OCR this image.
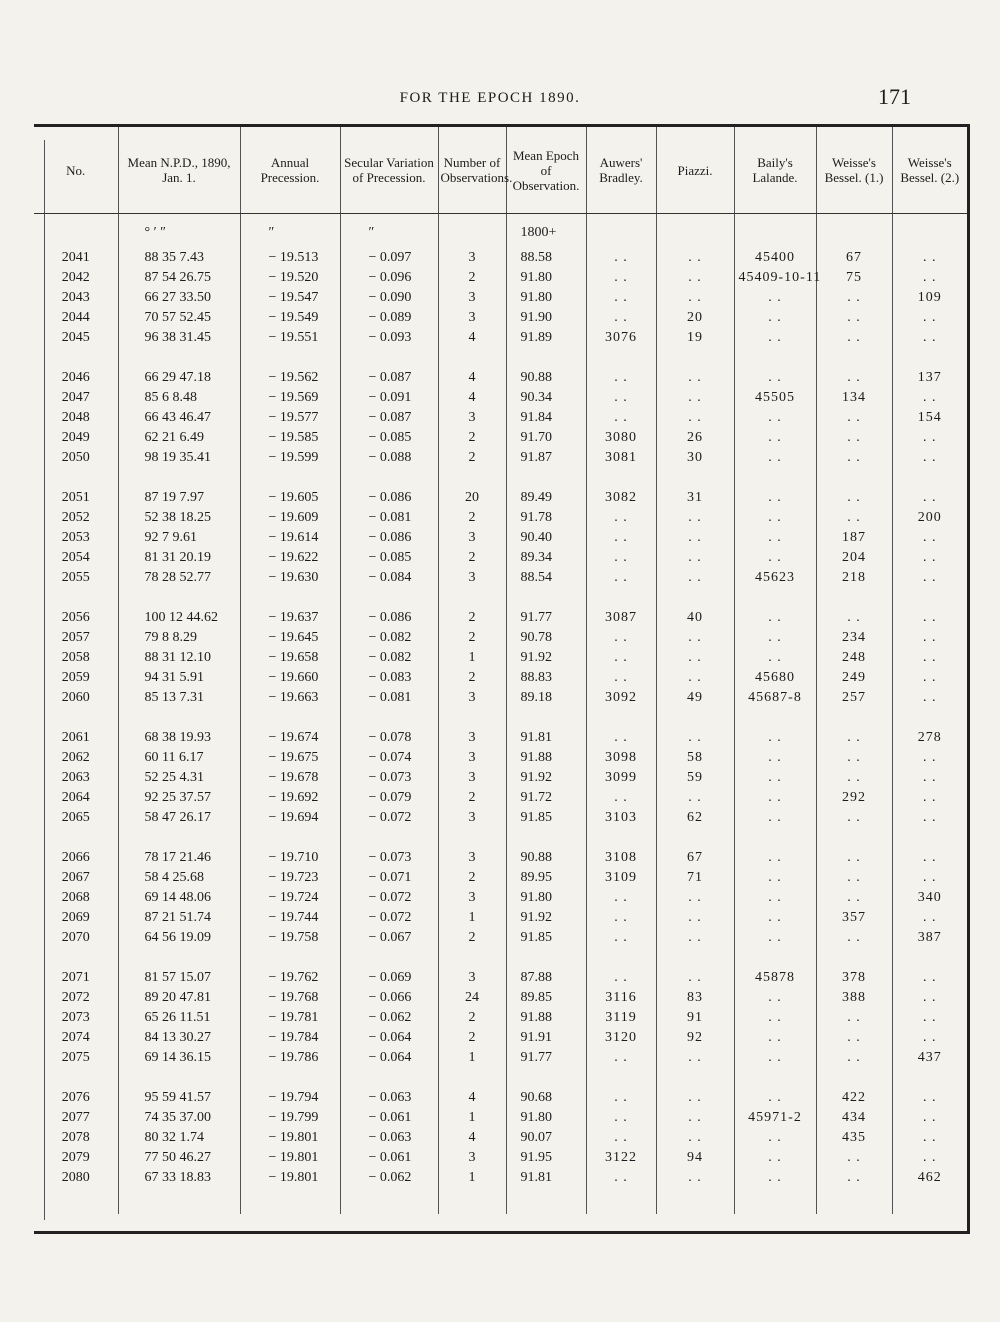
FOR THE EPOCH 1890.	171
No.	Mean N.P.D., 1890, Jan. 1.	Annual Precession.	Secular Variation of Precession.	Number of Observations.	Mean Epoch of Observation.	Auwers' Bradley.	Piazzi.	Baily's Lalande.	Weisse's Bessel. (1.)	Weisse's Bessel. (2.)
	° ′ ″	″	″		1800+					
2041	88 35 7.43	− 19.513	− 0.097	3	88.58	. .	. .	45400	67	. .
2042	87 54 26.75	− 19.520	− 0.096	2	91.80	. .	. .	45409-10-11	75	. .
2043	66 27 33.50	− 19.547	− 0.090	3	91.80	. .	. .	. .	. .	109
2044	70 57 52.45	− 19.549	− 0.089	3	91.90	. .	20	. .	. .	. .
2045	96 38 31.45	− 19.551	− 0.093	4	91.89	3076	19	. .	. .	. .

2046	66 29 47.18	− 19.562	− 0.087	4	90.88	. .	. .	. .	. .	137
2047	85 6 8.48	− 19.569	− 0.091	4	90.34	. .	. .	45505	134	. .
2048	66 43 46.47	− 19.577	− 0.087	3	91.84	. .	. .	. .	. .	154
2049	62 21 6.49	− 19.585	− 0.085	2	91.70	3080	26	. .	. .	. .
2050	98 19 35.41	− 19.599	− 0.088	2	91.87	3081	30	. .	. .	. .

2051	87 19 7.97	− 19.605	− 0.086	20	89.49	3082	31	. .	. .	. .
2052	52 38 18.25	− 19.609	− 0.081	2	91.78	. .	. .	. .	. .	200
2053	92 7 9.61	− 19.614	− 0.086	3	90.40	. .	. .	. .	187	. .
2054	81 31 20.19	− 19.622	− 0.085	2	89.34	. .	. .	. .	204	. .
2055	78 28 52.77	− 19.630	− 0.084	3	88.54	. .	. .	45623	218	. .

2056	100 12 44.62	− 19.637	− 0.086	2	91.77	3087	40	. .	. .	. .
2057	79 8 8.29	− 19.645	− 0.082	2	90.78	. .	. .	. .	234	. .
2058	88 31 12.10	− 19.658	− 0.082	1	91.92	. .	. .	. .	248	. .
2059	94 31 5.91	− 19.660	− 0.083	2	88.83	. .	. .	45680	249	. .
2060	85 13 7.31	− 19.663	− 0.081	3	89.18	3092	49	45687-8	257	. .

2061	68 38 19.93	− 19.674	− 0.078	3	91.81	. .	. .	. .	. .	278
2062	60 11 6.17	− 19.675	− 0.074	3	91.88	3098	58	. .	. .	. .
2063	52 25 4.31	− 19.678	− 0.073	3	91.92	3099	59	. .	. .	. .
2064	92 25 37.57	− 19.692	− 0.079	2	91.72	. .	. .	. .	292	. .
2065	58 47 26.17	− 19.694	− 0.072	3	91.85	3103	62	. .	. .	. .

2066	78 17 21.46	− 19.710	− 0.073	3	90.88	3108	67	. .	. .	. .
2067	58 4 25.68	− 19.723	− 0.071	2	89.95	3109	71	. .	. .	. .
2068	69 14 48.06	− 19.724	− 0.072	3	91.80	. .	. .	. .	. .	340
2069	87 21 51.74	− 19.744	− 0.072	1	91.92	. .	. .	. .	357	. .
2070	64 56 19.09	− 19.758	− 0.067	2	91.85	. .	. .	. .	. .	387

2071	81 57 15.07	− 19.762	− 0.069	3	87.88	. .	. .	45878	378	. .
2072	89 20 47.81	− 19.768	− 0.066	24	89.85	3116	83	. .	388	. .
2073	65 26 11.51	− 19.781	− 0.062	2	91.88	3119	91	. .	. .	. .
2074	84 13 30.27	− 19.784	− 0.064	2	91.91	3120	92	. .	. .	. .
2075	69 14 36.15	− 19.786	− 0.064	1	91.77	. .	. .	. .	. .	437

2076	95 59 41.57	− 19.794	− 0.063	4	90.68	. .	. .	. .	422	. .
2077	74 35 37.00	− 19.799	− 0.061	1	91.80	. .	. .	45971-2	434	. .
2078	80 32 1.74	− 19.801	− 0.063	4	90.07	. .	. .	. .	435	. .
2079	77 50 46.27	− 19.801	− 0.061	3	91.95	3122	94	. .	. .	. .
2080	67 33 18.83	− 19.801	− 0.062	1	91.81	. .	. .	. .	. .	462
